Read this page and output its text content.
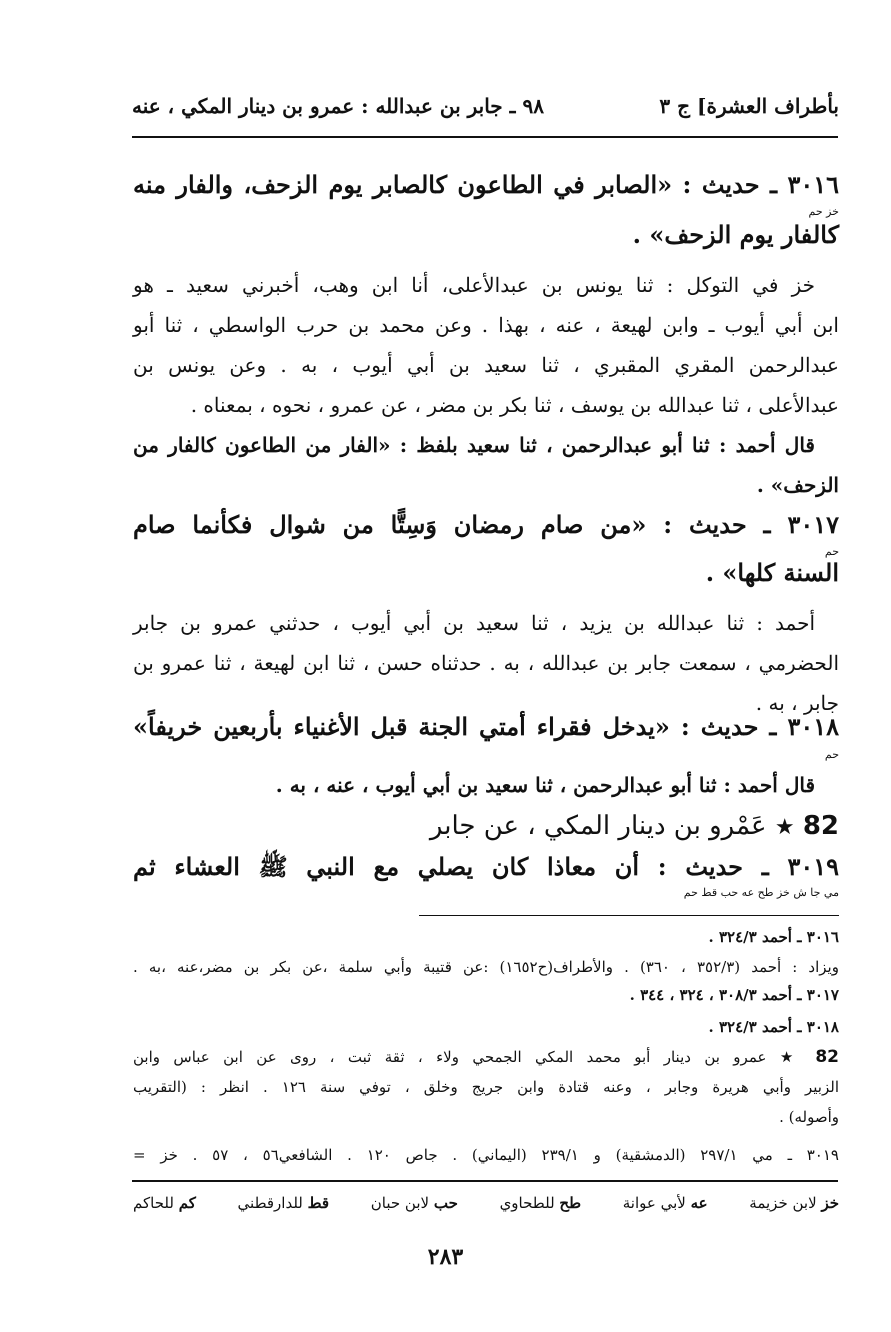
بأطراف العشرة] ج ٣
٩٨ ـ جابر بن عبدالله : عمرو بن دينار المكي ، عنه
٣٠١٦ ـ حديث : «الصابر في الطاعون كالصابر يوم الزحف، والفار منه
خز حم
كالفار يوم الزحف» .
خز في التوكل : ثنا يونس بن عبدالأعلى، أنا ابن وهب، أخبرني سعيد ـ هو
ابن أبي أيوب ـ وابن لهيعة ، عنه ، بهذا . وعن محمد بن حرب الواسطي ، ثنا أبو
عبدالرحمن المقري المقبري ، ثنا سعيد بن أبي أيوب ، به . وعن يونس بن
عبدالأعلى ، ثنا عبدالله بن يوسف ، ثنا بكر بن مضر ، عن عمرو ، نحوه ، بمعناه .
قال أحمد : ثنا أبو عبدالرحمن ، ثنا سعيد بلفظ : «الفار من الطاعون كالفار من
الزحف» .
٣٠١٧ ـ حديث : «من صام رمضان وَسِتًّا من شوال فكأنما صام
حم
السنة كلها» .
أحمد : ثنا عبدالله بن يزيد ، ثنا سعيد بن أبي أيوب ، حدثني عمرو بن جابر
الحضرمي ، سمعت جابر بن عبدالله ، به . حدثناه حسن ، ثنا ابن لهيعة ، ثنا عمرو بن
جابر ، به .
٣٠١٨ ـ حديث : «يدخل فقراء أمتي الجنة قبل الأغنياء بأربعين خريفاً»
حم
قال أحمد : ثنا أبو عبدالرحمن ، ثنا سعيد بن أبي أيوب ، عنه ، به .
82 ★ عَمْرو بن دينار المكي ، عن جابر
٣٠١٩ ـ حديث : أن معاذا كان يصلي مع النبي ﷺ العشاء ثم
مي جا ش خز طح عه حب قط حم
٣٠١٦ ـ أحمد ٣٢٤/٣ .
ويزاد : أحمد (٣٥٢/٣ ، ٣٦٠) . والأطراف(ح١٦٥٢) :عن قتيبة وأبي سلمة ،عن بكر بن مضر،عنه ،به .
٣٠١٧ ـ أحمد ٣٠٨/٣ ، ٣٢٤ ، ٣٤٤ .
٣٠١٨ ـ أحمد ٣٢٤/٣ .
82 ★ عمرو بن دينار أبو محمد المكي الجمحي ولاء ، ثقة ثبت ، روى عن ابن عباس وابن
الزبير وأبي هريرة وجابر ، وعنه قتادة وابن جريج وخلق ، توفي سنة ١٢٦ . انظر : (التقريب
وأصوله) .
٣٠١٩ ـ مي ٢٩٧/١ (الدمشقية) و ٢٣٩/١ (اليماني) . جاص ١٢٠ . الشافعي٥٦ ، ٥٧ . خز =
خز لابن خزيمة
عه لأبي عوانة
طح للطحاوي
حب لابن حبان
قط للدارقطني
كم للحاكم
٢٨٣
